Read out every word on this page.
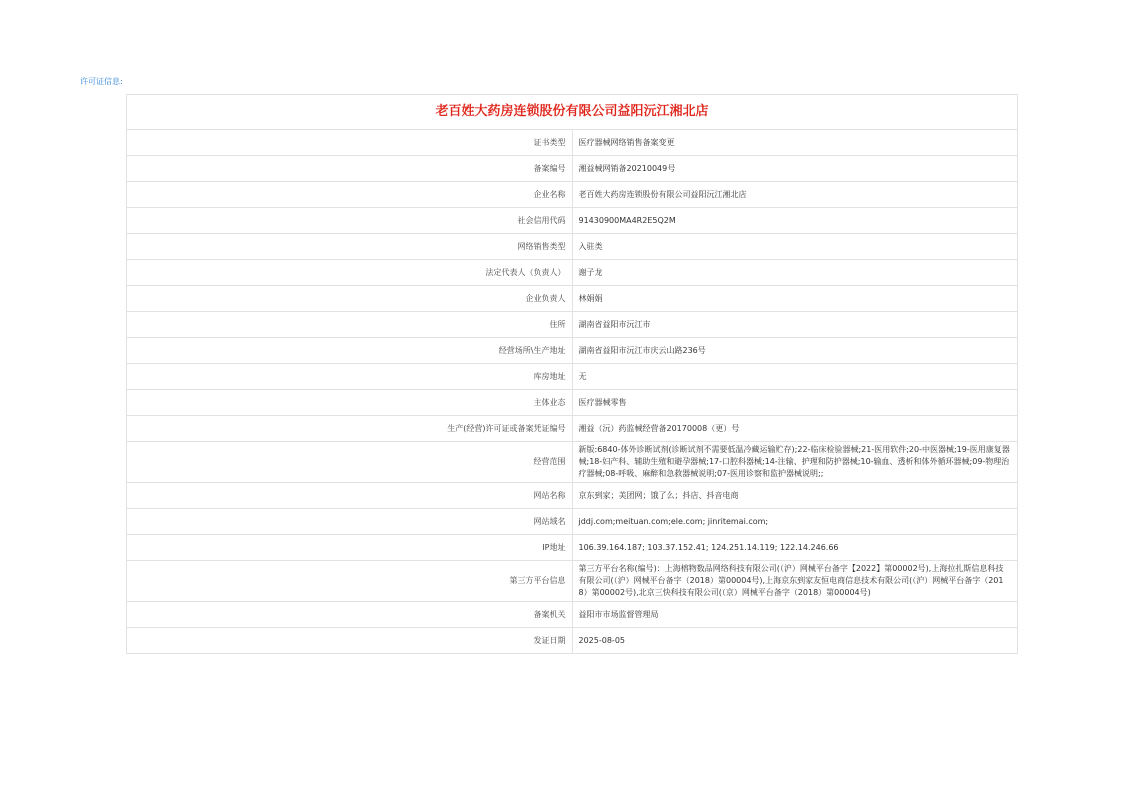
许可证信息:
老百姓大药房连锁股份有限公司益阳沅江湘北店	
证书类型	医疗器械网络销售备案变更
备案编号	湘益械网销备20210049号
企业名称	老百姓大药房连锁股份有限公司益阳沅江湘北店
社会信用代码	91430900MA4R2E5Q2M
网络销售类型	入驻类
法定代表人（负责人）	谢子龙
企业负责人	林娟娟
住所	湖南省益阳市沅江市
经营场所\生产地址	湖南省益阳市沅江市庆云山路236号
库房地址	无
主体业态	医疗器械零售
生产(经营)许可证或备案凭证编号	湘益（沅）药监械经营备20170008（更）号
经营范围	新版:6840-体外诊断试剂(诊断试剂不需要低温冷藏运输贮存);22-临床检验器械;21-医用软件;20-中医器械;19-医用康复器械;18-妇产科、辅助生殖和避孕器械;17-口腔科器械;14-注输、护理和防护器械;10-输血、透析和体外循环器械;09-物理治疗器械;08-呼吸、麻醉和急救器械说明;07-医用诊察和监护器械说明;;
网站名称	京东到家；美团网；饿了么；抖店、抖音电商
网站域名	jddj.com;meituan.com;ele.com; jinritemai.com;
IP地址	106.39.164.187; 103.37.152.41; 124.251.14.119; 122.14.246.66
第三方平台信息	第三方平台名称(编号)：上海榕物数品网络科技有限公司(（沪）网械平台备字【2022】第00002号),上海拉扎斯信息科技有限公司(（沪）网械平台备字（2018）第00004号),上海京东到家友恒电商信息技术有限公司(（沪）网械平台备字（2018）第00002号),北京三快科技有限公司(（京）网械平台备字（2018）第00004号)
备案机关	益阳市市场监督管理局
发证日期	2025-08-05
